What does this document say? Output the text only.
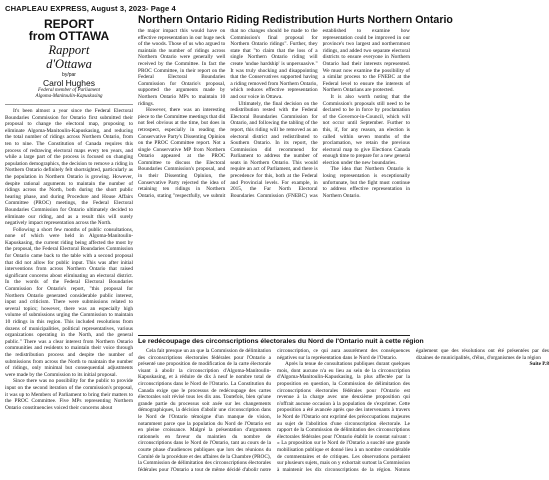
CHAPLEAU EXPRESS, August 3, 2023- Page 4
REPORT
from OTTAWA
Rapport
d'Ottawa
by/par
Carol Hughes
Federal member of Parliament
Algoma-Manitoulin-Kapuskasing

It's been almost a year since the Federal Electoral Boundaries Commission for Ontario first submitted their proposal to change the electoral map, proposing to eliminate Algoma-Manitoulin-Kapuskasing, and reducing the total number of ridings across Northern Ontario, from ten to nine. The Constitution of Canada requires this process of redrawing electoral maps every ten years, and while a large part of the process is focused on changing population demographics, the decision to remove a riding in Northern Ontario definitely felt shortsighted, particularly as the population in Northern Ontario is growing. However, despite rational arguments to maintain the number of ridings across the North, both during the short public hearing phase, and during Procedure and House Affairs Committee (PROC) meetings, the Federal Electoral Boundaries Commission for Ontario ultimately decided to eliminate our riding, and as a result this will surely negatively impact representation across the North.

Following a short few months of public consultations, none of which were held in Algoma-Manitoulin-Kapuskasing, the current riding being affected the most by the proposal, the Federal Electoral Boundaries Commission for Ontario came back to the table with a second proposal that did not allow for public input. This was after initial interventions from across Northern Ontario that raised significant concerns about eliminating an electoral district. In the words of the Federal Electoral Boundaries Commission for Ontario's report, "this proposal for Northern Ontario generated considerable public interest, input and criticism. There were submissions related to several topics; however, there was an especially high volume of submissions urging the Commission to maintain 10 ridings in this region. This included resolutions from dozens of municipalities, political representatives, various organizations operating in the North, and the general public." There was a clear interest from Northern Ontario communities and residents to maintain their voice through the redistribution process and despite the number of submissions from across the North to maintain the number of ridings, only minimal but consequential adjustments were made by the Commission to its initial proposal.

Since there was no possibility for the public to provide input on the second iteration of the commission's proposal, it was up to Members of Parliament to bring their matters to the PROC Committee. Five MPs representing Northern Ontario constituencies voiced their concerns about

Northern Ontario Riding Redistribution Hurts Northern Ontario

the major impact this would have on effective representation in our huge neck of the woods. Those of us who argued to maintain the number of ridings across Northern Ontario were generally well received by the Committee. In fact the PROC Committee, in their report on the Federal Electoral Boundaries Commission for Ontario's proposal, supported the arguments made by Northern Ontario MPs to maintain 10 ridings.

However, there was an interesting piece to the Committee meetings that did not feel obvious at the time, but does in retrospect, especially in reading the Conservative Party's Dissenting Opinion on the PROC Committee report. Not a single Conservative MP from Northern Ontario appeared at the PROC Committee to discuss the Electoral Boundaries Commission's proposal, and in their Dissenting Opinion, the Conservative Party rejected the idea of retaining ten ridings in Northern Ontario, stating "respectfully, we submit that no changes should be made to the Commission's final proposal for Northern Ontario ridings". Further, they state that "to claim that the loss of a single Northern Ontario riding will create 'undue hardship' is unpersuasive." It was truly shocking and disappointing that the Conservatives supported having a riding removed from Northern Ontario, which reduces effective representation and our voice in Ottawa.

Ultimately, the final decision on the redistribution rested with the Federal Electoral Boundaries Commission for Ontario, and following the tabling of the report, this riding will be removed as an electoral district and redistributed to Southern Ontario. In its report, the Commission did recommend for Parliament to address the number of seats in Northern Ontario. This would require an act of Parliament, and there is precedence for this, both at the Federal and Provincial levels. For example, in 2015, the Far North Electoral Boundaries Commission (FNEBC) was established to examine how representation could be improved in our province's two largest and northernmost ridings, and added two separate electoral districts to ensure everyone in Northern Ontario had their interests represented. We must now examine the possibility of a similar process to the FNEBC at the Federal level to ensure the interests of Northern Ontarians are protected.

It is also worth noting that the Commission's proposals still need to be declared to be in force by proclamation of the Governor-in-Council, which will not occur until September. Further to this, if, for any reason, an election is called within seven months of the proclamation, we retain the previous electoral map to give Elections Canada enough time to prepare for a new general election under the new boundaries.

The idea that Northern Ontario is losing representation is exceptionally unfortunate, but the fight must continue to address effective representation in Northern Ontario.

Le redécoupage des circonscriptions électorales du Nord de l'Ontario nuit à cette région

Cela fait presque un an que la Commission de délimitation des circonscriptions électorales fédérales pour l'Ontario a présenté une proposition de modification de la carte électorale visant à abolir la circonscription d'Algoma-Manitoulin-Kapuskasing, et à réduire de dix à neuf le nombre total de circonscriptions dans le Nord de l'Ontario. La Constitution du Canada exige que le processus de redécoupage des cartes électorales soit révisé tous les dix ans. Toutefois, bien qu'une grande partie du processus soit axée sur les changements démographiques, la décision d'abolir une circonscription dans le Nord de l'Ontario témoigne d'un manque de vision, notamment parce que la population du Nord de l'Ontario est en pleine croissance. Malgré la présentation d'arguments rationnels en faveur du maintien du nombre de circonscriptions dans le Nord de l'Ontario, tant au cours de la courte phase d'audiences publiques que lors des réunions du Comité de la procédure et des affaires de la Chambre (PROC), la Commission de délimitation des circonscriptions électorales fédérales pour l'Ontario a tout de même décidé d'abolir notre circonscription, ce qui aura assurément des conséquences négatives sur la représentation dans le Nord de l'Ontario.

Après la tenue de consultations publiques durant quelques mois, dont aucune n'a eu lieu au sein de la circonscription d'Algoma-Manitoulin-Kapuskasing, la plus affectée par la proposition en question, la Commission de délimitation des circonscriptions électorales fédérales pour l'Ontario est revenue à la charge avec une deuxième proposition qui n'offrait aucune occasion à la population de s'exprimer. Cette proposition a été avancée après que des intervenants à travers le Nord de l'Ontario ont exprimé des préoccupations majeures au sujet de l'abolition d'une circonscription électorale. Le rapport de la Commission de délimitation des circonscriptions électorales fédérales pour l'Ontario établit le constat suivant : « La proposition sur le Nord de l'Ontario a suscité une grande mobilisation publique et donné lieu à un nombre considérable de commentaires et de critiques. Les observations portaient sur plusieurs sujets, mais on y exhortait surtout la Commission à maintenir les dix circonscriptions de la région. Notons également que des résolutions ont été présentées par des dizaines de municipalités, d'élus, d'organismes de la région

Suite P.8
